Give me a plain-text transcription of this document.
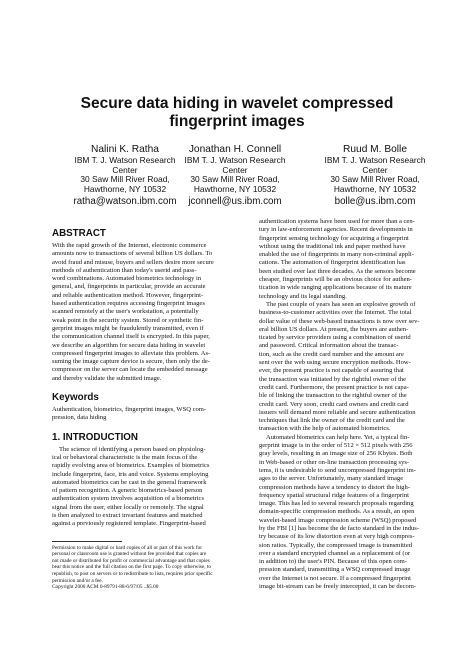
Secure data hiding in wavelet compressed
fingerprint images
Nalini K. Ratha
IBM T. J. Watson Research
Center
30 Saw Mill River Road,
Hawthorne, NY 10532
ratha@watson.ibm.com
Jonathan H. Connell
IBM T. J. Watson Research
Center
30 Saw Mill River Road,
Hawthorne, NY 10532
jconnell@us.ibm.com
Ruud M. Bolle
IBM T. J. Watson Research
Center
30 Saw Mill River Road,
Hawthorne, NY 10532
bolle@us.ibm.com
ABSTRACT
With the rapid growth of the Internet, electronic commerce
amounts now to transactions of several billion US dollars. To
avoid fraud and misuse, buyers and sellers desire more secure
methods of authentication than today's userid and pass-
word combinations. Automated biometrics technology in
general, and, fingerprints in particular, provide an accurate
and reliable authentication method. However, fingerprint-
based authentication requires accessing fingerprint images
scanned remotely at the user's workstation, a potentially
weak point in the security system. Stored or synthetic fin-
gerprint images might be fraudulently transmitted, even if
the communication channel itself is encrypted. In this paper,
we describe an algorithm for secure data hiding in wavelet
compressed fingerprint images to alleviate this problem. As-
suming the image capture device is secure, then only the de-
compressor on the server can locate the embedded message
and thereby validate the submitted image.
Keywords
Authentication, biometrics, fingerprint images, WSQ com-
pression, data hiding
1. INTRODUCTION
The science of identifying a person based on physiolog-
ical or behavioral characteristic is the main focus of the
rapidly evolving area of biometrics. Examples of biometrics
include fingerprint, face, iris and voice. Systems employing
automated biometrics can be cast in the general framework
of pattern recognition. A generic biometrics-based person
authentication system involves acquisition of a biometrics
signal from the user, either locally or remotely. The signal
is then analyzed to extract invariant features and matched
against a previously registered template. Fingerprint-based
Permission to make digital or hard copies of all or part of this work for
personal or classroom use is granted without fee provided that copies are
not made or distributed for profit or commercial advantage and that copies
bear this notice and the full citation on the first page. To copy otherwise, to
republish, to post on servers or to redistribute to lists, requires prior specific
permission and/or a fee.
Copyright 2000 ACM 0-89791-88-6/97/05 ..$5.00
authentication systems have been used for more than a cen-
tury in law-enforcement agencies. Recent developments in
fingerprint sensing technology for acquiring a fingerprint
without using the traditional ink and paper method have
enabled the use of fingerprints in many non-criminal appli-
cations. The automation of fingerprint identification has
been studied over last three decades. As the sensors become
cheaper, fingerprints will be an obvious choice for authen-
tication in wide ranging applications because of its mature
technology and its legal standing.
The past couple of years has seen an explosive growth of
business-to-customer activities over the Internet. The total
dollar value of these web-based transactions is now over sev-
eral billion US dollars. At present, the buyers are authen-
ticated by service providers using a combination of userid
and password. Critical information about the transac-
tion, such as the credit card number and the amount are
sent over the web using secure encryption methods. How-
ever, the present practice is not capable of assuring that
the transaction was initiated by the rightful owner of the
credit card. Furthermore, the present practice is not capa-
ble of linking the transaction to the rightful owner of the
credit card. Very soon, credit card owners and credit card
issuers will demand more reliable and secure authentication
techniques that link the owner of the credit card and the
transaction with the help of automated biometrics.
Automated biometrics can help here. Yet, a typical fin-
gerprint image is in the order of 512 × 512 pixels with 256
gray levels, resulting in an image size of 256 Kbytes. Both
in Web-based or other on-line transaction processing sys-
tems, it is undesirable to send uncompressed fingerprint im-
ages to the server. Unfortunately, many standard image
compression methods have a tendency to distort the high-
frequency spatial structural ridge features of a fingerprint
image. This has led to several research proposals regarding
domain-specific compression methods. As a result, an open
wavelet-based image compression scheme (WSQ) proposed
by the FBI [1] has become the de facto standard in the indus-
try because of its low distortion even at very high compres-
sion ratios. Typically, the compressed image is transmitted
over a standard encrypted channel as a replacement of (or
in addition to) the user's PIN. Because of this open com-
pression standard, transmitting a WSQ compressed image
over the Internet is not secure. If a compressed fingerprint
image bit-stream can be freely intercepted, it can be decom-
